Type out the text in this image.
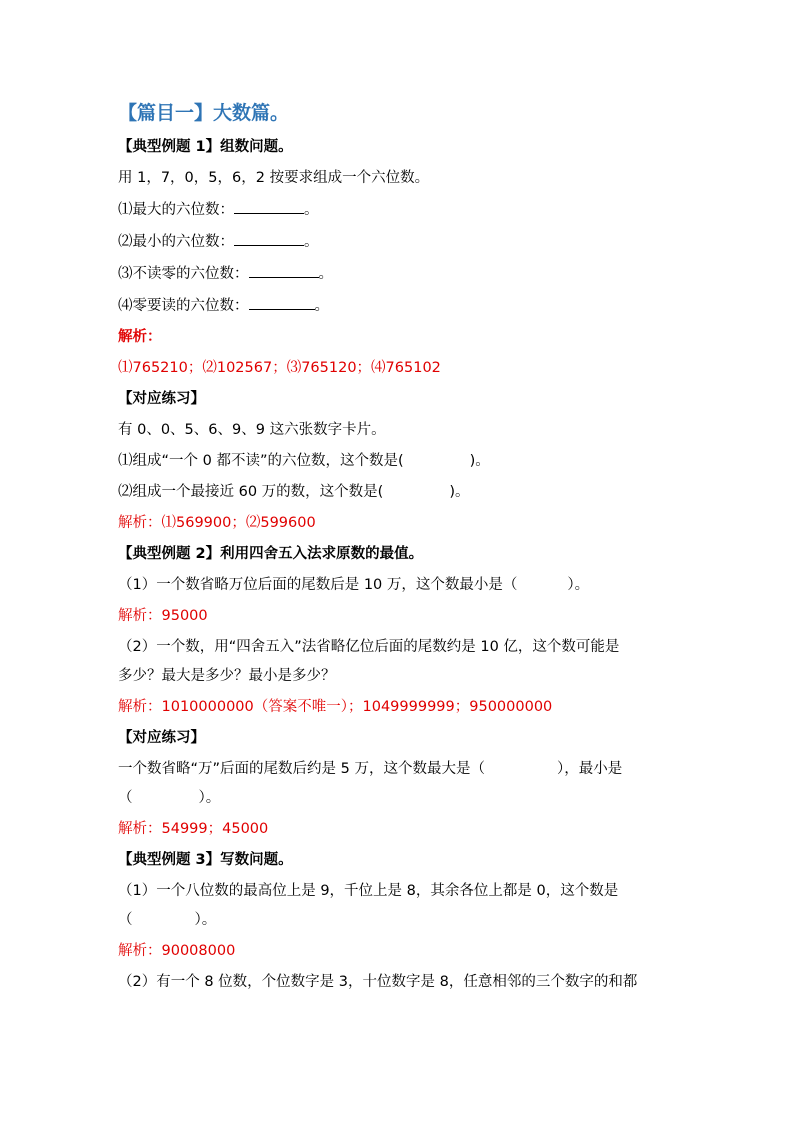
【篇目一】大数篇。

【典型例题 1】组数问题。

用 1，7，0，5，6，2 按要求组成一个六位数。

⑴最大的六位数：	。

⑵最小的六位数：	。

⑶不读零的六位数：	。

⑷零要读的六位数：	。

解析：

⑴765210；⑵102567；⑶765120；⑷765102

【对应练习】

有 0、0、5、6、9、9 这六张数字卡片。

⑴组成“一个 0 都不读”的六位数，这个数是(	)。

⑵组成一个最接近 60 万的数，这个数是(	)。

解析：⑴569900；⑵599600

【典型例题 2】利用四舍五入法求原数的最值。

（1）一个数省略万位后面的尾数后是 10 万，这个数最小是（	）。

解析：95000

（2）一个数，用“四舍五入”法省略亿位后面的尾数约是 10 亿，这个数可能是

多少？最大是多少？最小是多少？

解析：1010000000（答案不唯一）；1049999999；950000000

【对应练习】

一个数省略“万”后面的尾数后约是 5 万，这个数最大是（	），最小是

（	）。

解析：54999；45000

【典型例题 3】写数问题。

（1）一个八位数的最高位上是 9，千位上是 8，其余各位上都是 0，这个数是

（	）。

解析：90008000

（2）有一个 8 位数，个位数字是 3，十位数字是 8，任意相邻的三个数字的和都
